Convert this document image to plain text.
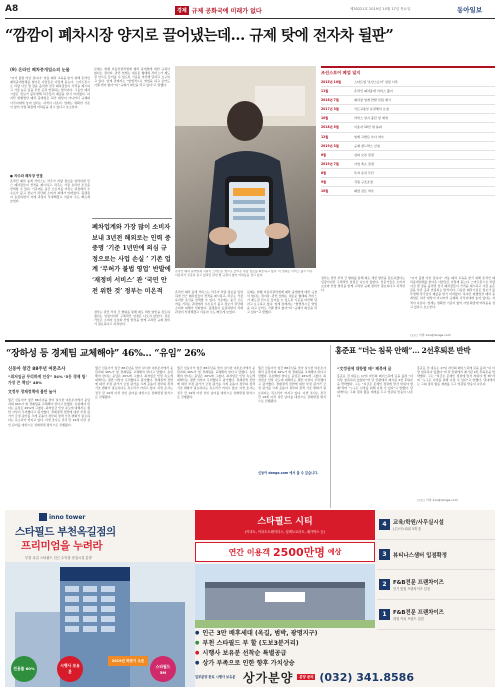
A8	경제 규제 공화국에 미래가 없다	제30221호 2019년 10월 17일 목요일	동아일보
“깜깜이 폐차시장 양지로 끌어냈는데… 규제 탓에 전자차 뒬판”
(9) 온라인 폐차중개업소의 눈물
“이거 불법 아닌 겁니다” 자동 폐차 교육을 받기 위해 온라인 폐차중개업체를 찾아온 사람들은 이렇게 묻는다. 스마트폰으로 차량 사진 몇 장을 올리면 전국 폐차장들이 가격을 제시하고 가장 높은 값을 부른 곳과 연결되는 방식이다. 그동안 폐차시장은 정보가 불투명해 차주들이 제값을 받기 어려웠다. 하지만 현행법상 폐차 중개업은 허가 대상이 아니어서 규제의 사각지대에 놓여 있다는 지적이 나온다. 업계는 명확한 기준이 없어 사업 확장에 어려움을 겪고 있다고 호소한다.
● 차주와 폐차장 연결
온라인 폐차 중개 서비스는 차주가 차량 정보를 입력하면 인근 폐차장들이 견적을 제시하고, 차주는 가장 유리한 조건을 선택할 수 있다. 기존에는 중간 브로커를 거치는 과정에서 수수료가 붙고 정보가 차단돼 소비자 피해가 잇따랐다. 플랫폼이 등장하면서 거래 과정이 투명해졌고 이용자 수도 빠르게 늘었다.
문제는 현행 자동차관리법에 폐차 중개업에 대한 규정이 없다는 점이다. 관련 업계는 새로운 형태의 서비스가 제도권 안으로 들어올 수 있도록 기준을 마련해 달라고 요구하고 있다. 업계 관계자는 “합법적으로 영업을 하고 싶어도 기댈 법이 없다”며 “규제가 혁신을 막고 있다”고 말했다.
폐차업계와 가장 많이 소비자 보내 3년전 해외로는 인력 중 중명 ‘기준 1년만에 의심 규정으로는 사업 손실 ’ 기존 업계 ‘무허가 불법 영업’ 반발에 ‘재정비 서비스’ 관 ‘국민 안전 위한 것’ 정부는 미온적
정부는 관련 부처 간 협의를 통해 제도 개선 방안을 검토하겠다는 입장이지만 구체적인 일정은 나오지 않았다. 전문가들은 소비자 보호와 산업 발전을 함께 고려한 규제 정비가 필요하다고 지적한다.
온라인 폐차 중개업체 직원이 스마트폰 앱으로 들어온 차량 정보를 확인하고 있다. 이 업체는 서비스 출시 이후 이용자가 꾸준히 늘고 있지만 관련 법 규정이 없어 어려움을 겪고 있다.
온라인 폐차 중개 서비스는 차주가 차량 정보를 입력하면 인근 폐차장들이 견적을 제시하고, 차주는 가장 유리한 조건을 선택할 수 있다. 기존에는 중간 브로커를 거치는 과정에서 수수료가 붙고 정보가 차단돼 소비자 피해가 잇따랐다. 플랫폼이 등장하면서 거래 과정이 투명해졌고 이용자 수도 빠르게 늘었다.
문제는 현행 자동차관리법에 폐차 중개업에 대한 규정이 없다는 점이다. 관련 업계는 새로운 형태의 서비스가 제도권 안으로 들어올 수 있도록 기준을 마련해 달라고 요구하고 있다. 업계 관계자는 “합법적으로 영업을 하고 싶어도 기댈 법이 없다”며 “규제가 혁신을 막고 있다”고 말했다.
조선스토어 폐업 일지
2015년 10월	스타트업 ‘조선스토어’ 설립 시작
11월	온라인 폐차중개 서비스 출시
2016년 7월	폐차장 업계 반발 민원 제기
2017년 3월	국토교통부 유권해석 요청
10월	서비스 일시 중단 및 재개
2018년 5월	이용자 10만 명 돌파
12월	업계 고발로 수사 착수
2019년 3월	규제 샌드박스 신청
6월	심의 보류 결정
2019년 7월	사업 축소 결정
8월	투자 유치 무산
9월	직원 구조조정
10월	폐업 검토 착수
정부는 관련 부처 간 협의를 통해 제도 개선 방안을 검토하겠다는 입장이지만 구체적인 일정은 나오지 않았다. 전문가들은 소비자 보호와 산업 발전을 함께 고려한 규제 정비가 필요하다고 지적한다.
“이거 불법 아닌 겁니다” 자동 폐차 교육을 받기 위해 온라인 폐차중개업체를 찾아온 사람들은 이렇게 묻는다. 스마트폰으로 차량 사진 몇 장을 올리면 전국 폐차장들이 가격을 제시하고 가장 높은 값을 부른 곳과 연결되는 방식이다. 그동안 폐차시장은 정보가 불투명해 차주들이 제값을 받기 어려웠다. 하지만 현행법상 폐차 중개업은 허가 대상이 아니어서 규제의 사각지대에 놓여 있다는 지적이 나온다. 업계는 명확한 기준이 없어 사업 확장에 어려움을 겪고 있다고 호소한다.
○○○ 기자 xxx@donga.com
“장하성 등 경제팀 교체해야” 46%… “유임” 26%
신동아 창간 88주년 여론조사
“최저임금 무리하게 인상” 54% ‘5등 경제 팀’ 가장 큰 책임” 48%
文정부 경제정책에 불만 높아
월간 신동아가 창간 88주년을 맞아 실시한 여론조사에서 응답자의 46%가 현 경제팀을 교체해야 한다고 답했다. 유임해야 한다는 응답은 26%에 그쳤다. 최저임금 인상 속도에 대해서는 절반 이상이 무리했다고 평가했다. 경제정책 전반에 대한 부정 평가가 긍정 평가를 크게 웃돌아 정부의 정책 기조 변화가 필요하다는 목소리가 커지고 있다. 이번 조사는 전국 만 19세 이상 성인 남녀를 대상으로 전화면접 방식으로 진행됐다.
월간 신동아가 창간 88주년을 맞아 실시한 여론조사에서 응답자의 46%가 현 경제팀을 교체해야 한다고 답했다. 유임해야 한다는 응답은 26%에 그쳤다. 최저임금 인상 속도에 대해서는 절반 이상이 무리했다고 평가했다. 경제정책 전반에 대한 부정 평가가 긍정 평가를 크게 웃돌아 정부의 정책 기조 변화가 필요하다는 목소리가 커지고 있다. 이번 조사는 전국 만 19세 이상 성인 남녀를 대상으로 전화면접 방식으로 진행됐다.
월간 신동아가 창간 88주년을 맞아 실시한 여론조사에서 응답자의 46%가 현 경제팀을 교체해야 한다고 답했다. 유임해야 한다는 응답은 26%에 그쳤다. 최저임금 인상 속도에 대해서는 절반 이상이 무리했다고 평가했다. 경제정책 전반에 대한 부정 평가가 긍정 평가를 크게 웃돌아 정부의 정책 기조 변화가 필요하다는 목소리가 커지고 있다. 이번 조사는 전국 만 19세 이상 성인 남녀를 대상으로 전화면접 방식으로 진행됐다.
월간 신동아가 창간 88주년을 맞아 실시한 여론조사에서 응답자의 46%가 현 경제팀을 교체해야 한다고 답했다. 유임해야 한다는 응답은 26%에 그쳤다. 최저임금 인상 속도에 대해서는 절반 이상이 무리했다고 평가했다. 경제정책 전반에 대한 부정 평가가 긍정 평가를 크게 웃돌아 정부의 정책 기조 변화가 필요하다는 목소리가 커지고 있다. 이번 조사는 전국 만 19세 이상 성인 남녀를 대상으로 전화면접 방식으로 진행됐다.
신동아 donga.com 에서 볼 수 있습니다.
홍준표 “더는 침묵 안해”… 2선후퇴론 반박
“文정권에 대항할 때” 페북에 글
홍준표 전 대표는 17일 자신의 페이스북에 글을 올려 “더 이상 침묵하지 않겠다”며 당 안팎에서 제기된 2선 후퇴론을 반박했다. 그는 “지금은 문재인 정권에 맞서 싸워야 할 때”라며 “누구든 나라를 위해 나설 수 있다”고 말했다. 당내에서는 그의 정치 활동 재개를 두고 엇갈린 반응이 나온다.
홍준표 전 대표는 17일 자신의 페이스북에 글을 올려 “더 이상 침묵하지 않겠다”며 당 안팎에서 제기된 2선 후퇴론을 반박했다. 그는 “지금은 문재인 정권에 맞서 싸워야 할 때”라며 “누구든 나라를 위해 나설 수 있다”고 말했다. 당내에서는 그의 정치 활동 재개를 두고 엇갈린 반응이 나온다.
○○○ 기자 xxx@donga.com
inno tower
스타필드 부천옥길점의
프리미엄을 누려라
부천 옥길 스타필드 인근 수익형 상업시설 분양
전용률 60%
시행사 보유분
스타필드 5M
2019년 하반기 오픈
스타필드 시티
(이마트, 이마트트레이더스, 일렉트로마트, 메가박스 등)
연간 이용객 2500만명 예상
● 인근 3만 배후세대 (옥길, 범박, 광명지구)
● 부천 스타필드 부 할 (도보3분거리)
● 시행사 보유분 선착순 특별공급
● 상가 부족으로 인한 향후 가치상승
4	교육/학원/사무실시설
(주)이노타워 3개 층
3	뷰티나스샘터 입점확정
2	F&B전문 프랜차이즈
인기 맛집 프랜차이즈 입점
1	F&B전문 프랜차이즈
대형 커피 브랜드 입점
일부분양 완료 시행사 보유분 상가분양	분양 문의 (032) 341.8586
